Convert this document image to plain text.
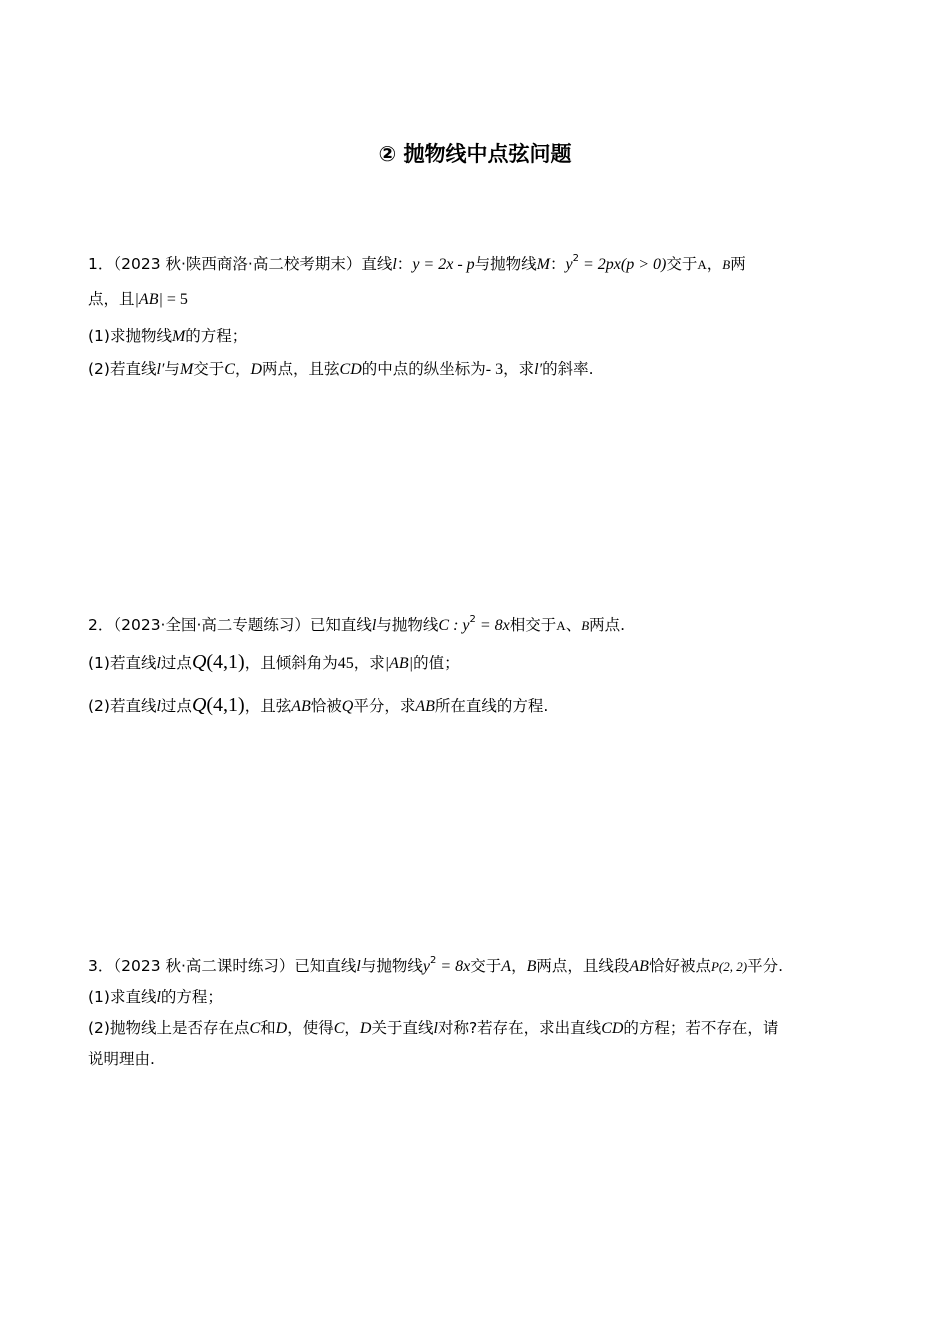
② 抛物线中点弦问题
1．（2023 秋·陕西商洛·高二校考期末）直线l：y = 2x - p与抛物线M：$y^2 = 2px(p > 0)$交于A，B两
点，且|AB| = 5
(1)求抛物线M的方程；
(2)若直线l′与M交于C，D两点，且弦CD的中点的纵坐标为- 3，求l′的斜率.
2．（2023·全国·高二专题练习）已知直线l与抛物线C : $y^2 = 8x$相交于A、B两点.
(1)若直线l过点Q(4,1)，且倾斜角为45，求|AB|的值；
(2)若直线l过点Q(4,1)，且弦AB恰被Q平分，求AB所在直线的方程.
3．（2023 秋·高二课时练习）已知直线l与抛物线$y^2 = 8x$交于A，B两点，且线段AB恰好被点P(2, 2)平分.
(1)求直线l的方程；
(2)抛物线上是否存在点C和D，使得C，D关于直线l对称?若存在，求出直线CD的方程；若不存在，请
说明理由.
